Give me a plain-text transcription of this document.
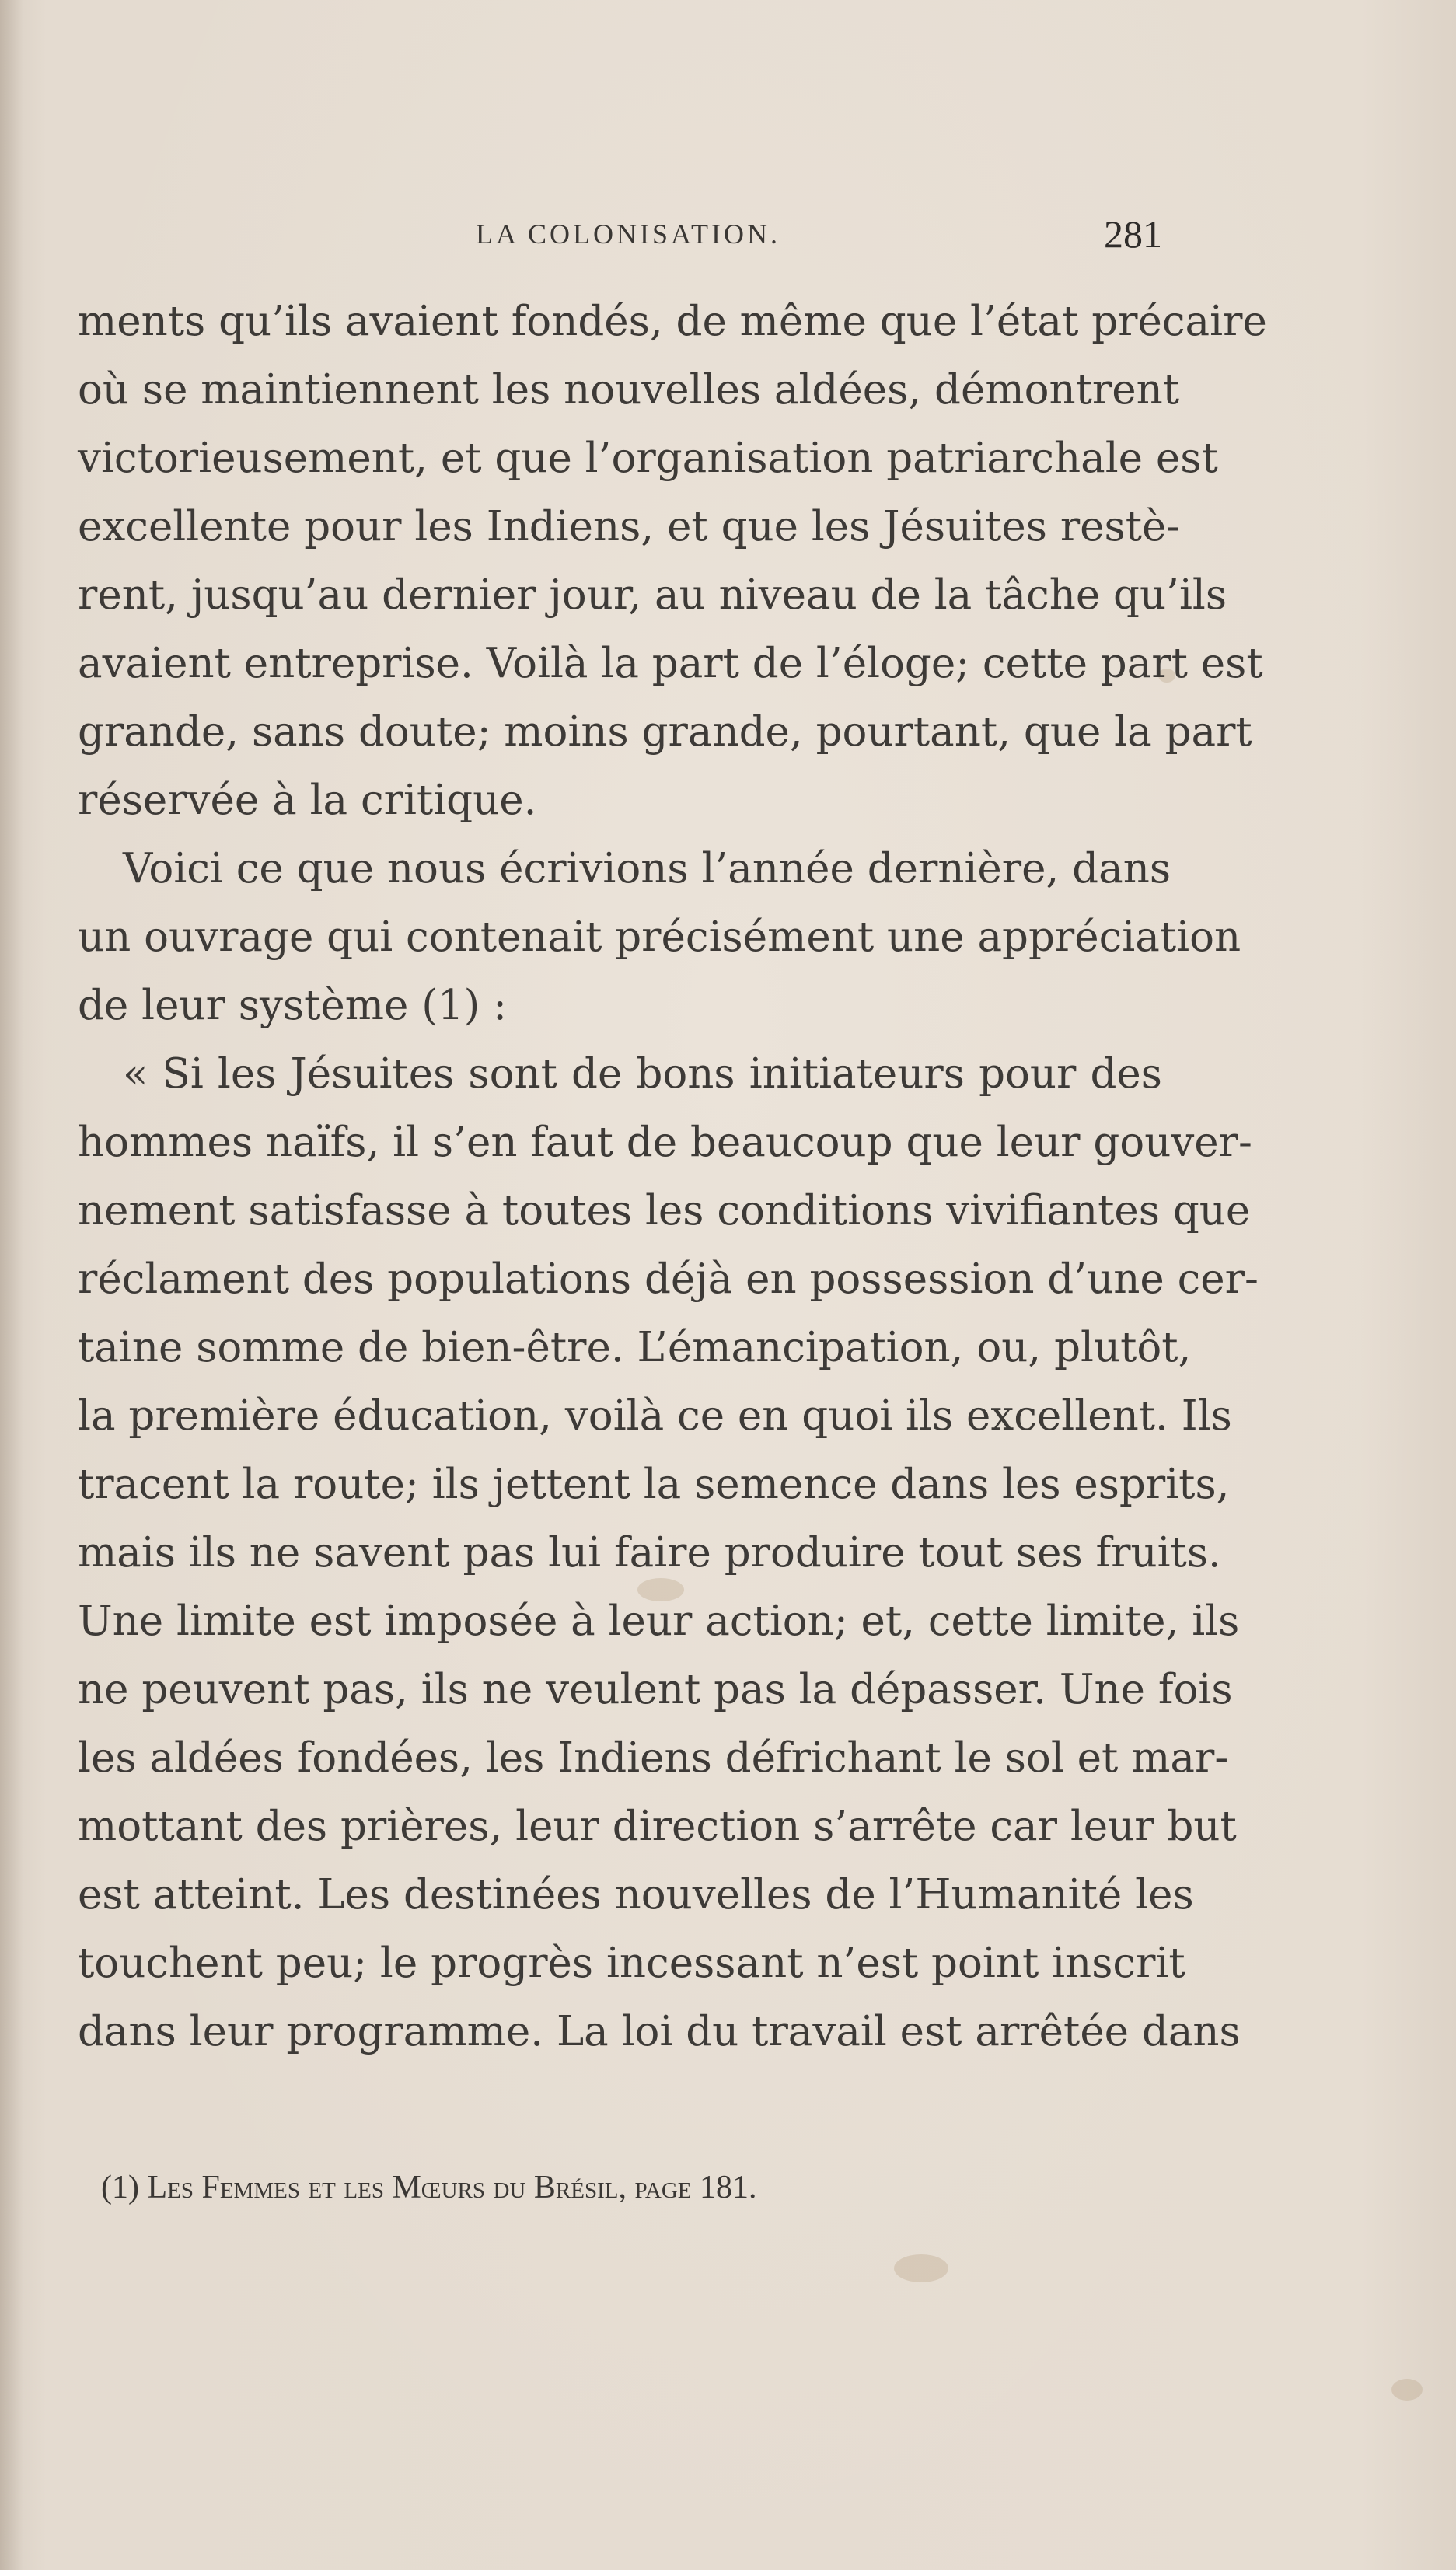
LA COLONISATION.	281
ments qu’ils avaient fondés, de même que l’état précaire
où se maintiennent les nouvelles aldées, démontrent
victorieusement, et que l’organisation patriarchale est
excellente pour les Indiens, et que les Jésuites restè-
rent, jusqu’au dernier jour, au niveau de la tâche qu’ils
avaient entreprise. Voilà la part de l’éloge; cette part est
grande, sans doute; moins grande, pourtant, que la part
réservée à la critique.
Voici ce que nous écrivions l’année dernière, dans
un ouvrage qui contenait précisément une appréciation
de leur système (1) :
« Si les Jésuites sont de bons initiateurs pour des
hommes naïfs, il s’en faut de beaucoup que leur gouver-
nement satisfasse à toutes les conditions vivifiantes que
réclament des populations déjà en possession d’une cer-
taine somme de bien-être. L’émancipation, ou, plutôt,
la première éducation, voilà ce en quoi ils excellent. Ils
tracent la route; ils jettent la semence dans les esprits,
mais ils ne savent pas lui faire produire tout ses fruits.
Une limite est imposée à leur action; et, cette limite, ils
ne peuvent pas, ils ne veulent pas la dépasser. Une fois
les aldées fondées, les Indiens défrichant le sol et mar-
mottant des prières, leur direction s’arrête car leur but
est atteint. Les destinées nouvelles de l’Humanité les
touchent peu; le progrès incessant n’est point inscrit
dans leur programme. La loi du travail est arrêtée dans
(1) Les Femmes et les Mœurs du Brésil, page 181.
